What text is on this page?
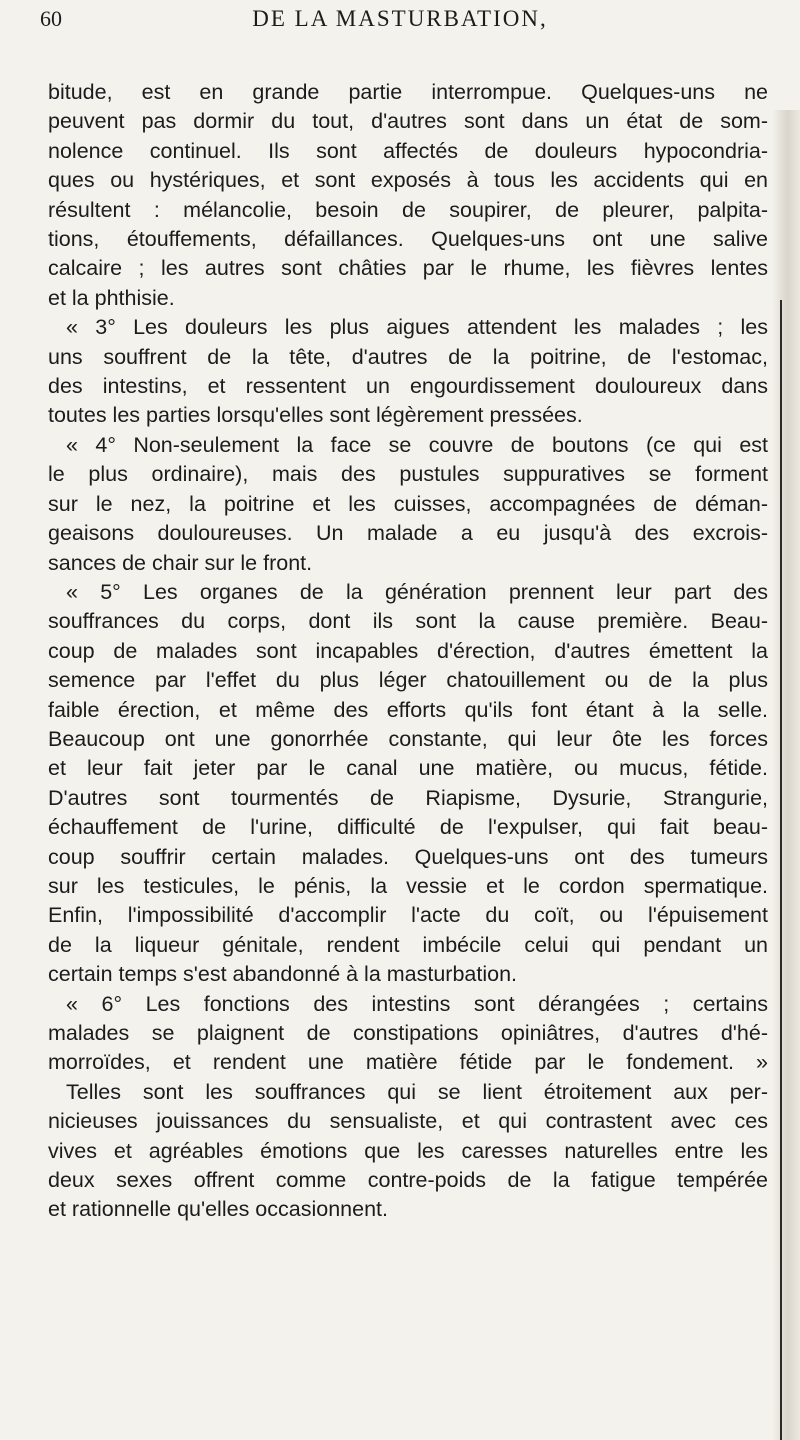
60	DE LA MASTURBATION,
bitude, est en grande partie interrompue. Quelques-uns ne
peuvent pas dormir du tout, d'autres sont dans un état de som-
nolence continuel. Ils sont affectés de douleurs hypocondria-
ques ou hystériques, et sont exposés à tous les accidents qui en
résultent : mélancolie, besoin de soupirer, de pleurer, palpita-
tions, étouffements, défaillances. Quelques-uns ont une salive
calcaire ; les autres sont châties par le rhume, les fièvres lentes
et la phthisie.
« 3° Les douleurs les plus aigues attendent les malades ; les
uns souffrent de la tête, d'autres de la poitrine, de l'estomac,
des intestins, et ressentent un engourdissement douloureux dans
toutes les parties lorsqu'elles sont légèrement pressées.
« 4° Non-seulement la face se couvre de boutons (ce qui est
le plus ordinaire), mais des pustules suppuratives se forment
sur le nez, la poitrine et les cuisses, accompagnées de déman-
geaisons douloureuses. Un malade a eu jusqu'à des excrois-
sances de chair sur le front.
« 5° Les organes de la génération prennent leur part des
souffrances du corps, dont ils sont la cause première. Beau-
coup de malades sont incapables d'érection, d'autres émettent la
semence par l'effet du plus léger chatouillement ou de la plus
faible érection, et même des efforts qu'ils font étant à la selle.
Beaucoup ont une gonorrhée constante, qui leur ôte les forces
et leur fait jeter par le canal une matière, ou mucus, fétide.
D'autres sont tourmentés de Riapisme, Dysurie, Strangurie,
échauffement de l'urine, difficulté de l'expulser, qui fait beau-
coup souffrir certain malades. Quelques-uns ont des tumeurs
sur les testicules, le pénis, la vessie et le cordon spermatique.
Enfin, l'impossibilité d'accomplir l'acte du coït, ou l'épuisement
de la liqueur génitale, rendent imbécile celui qui pendant un
certain temps s'est abandonné à la masturbation.
« 6° Les fonctions des intestins sont dérangées ; certains
malades se plaignent de constipations opiniâtres, d'autres d'hé-
morroïdes, et rendent une matière fétide par le fondement. »
Telles sont les souffrances qui se lient étroitement aux per-
nicieuses jouissances du sensualiste, et qui contrastent avec ces
vives et agréables émotions que les caresses naturelles entre les
deux sexes offrent comme contre-poids de la fatigue tempérée
et rationnelle qu'elles occasionnent.
